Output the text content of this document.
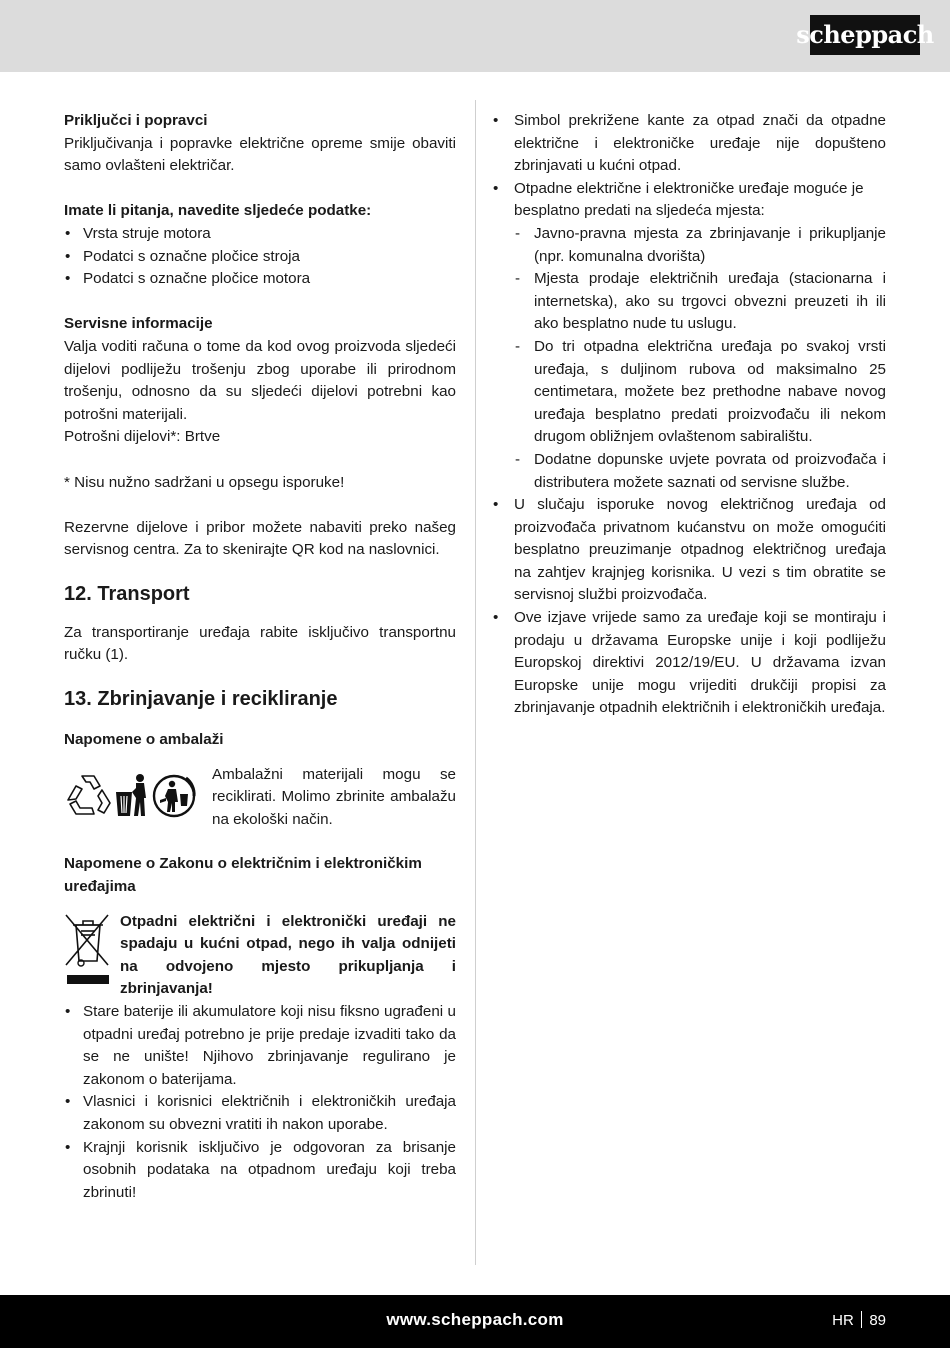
scheppach

Priključci i popravci

Priključivanja i popravke električne opreme smije obaviti samo ovlašteni električar.

Imate li pitanja, navedite sljedeće podatke:

• Vrsta struje motora
• Podatci s označne pločice stroja
• Podatci s označne pločice motora

Servisne informacije

Valja voditi računa o tome da kod ovog proizvoda sljedeći dijelovi podliježu trošenju zbog uporabe ili prirodnom trošenju, odnosno da su sljedeći dijelovi potrebni kao potrošni materijali.

Potrošni dijelovi*: Brtve

* Nisu nužno sadržani u opsegu isporuke!

Rezervne dijelove i pribor možete nabaviti preko našeg servisnog centra. Za to skenirajte QR kod na naslovnici.

12. Transport

Za transportiranje uređaja rabite isključivo transportnu ručku (1).

13. Zbrinjavanje i recikliranje

Napomene o ambalaži

Ambalažni materijali mogu se reciklirati. Molimo zbrinite ambalažu na ekološki način.

Napomene o Zakonu o električnim i elektroničkim uređajima

Otpadni električni i elektronički uređaji ne spadaju u kućni otpad, nego ih valja odnijeti na odvojeno mjesto prikupljanja i zbrinjavanja!

• Stare baterije ili akumulatore koji nisu fiksno ugrađeni u otpadni uređaj potrebno je prije predaje izvaditi tako da se ne unište! Njihovo zbrinjavanje regulirano je zakonom o baterijama.
• Vlasnici i korisnici električnih i elektroničkih uređaja zakonom su obvezni vratiti ih nakon uporabe.
• Krajnji korisnik isključivo je odgovoran za brisanje osobnih podataka na otpadnom uređaju koji treba zbrinuti!
• Simbol prekrižene kante za otpad znači da otpadne električne i elektroničke uređaje nije dopušteno zbrinjavati u kućni otpad.
• Otpadne električne i elektroničke uređaje moguće je besplatno predati na sljedeća mjesta:
- Javno-pravna mjesta za zbrinjavanje i prikupljanje (npr. komunalna dvorišta)
- Mjesta prodaje električnih uređaja (stacionarna i internetska), ako su trgovci obvezni preuzeti ih ili ako besplatno nude tu uslugu.
- Do tri otpadna električna uređaja po svakoj vrsti uređaja, s duljinom rubova od maksimalno 25 centimetara, možete bez prethodne nabave novog uređaja besplatno predati proizvođaču ili nekom drugom obližnjem ovlaštenom sabiralištu.
- Dodatne dopunske uvjete povrata od proizvođača i distributera možete saznati od servisne službe.
• U slučaju isporuke novog električnog uređaja od proizvođača privatnom kućanstvu on može omogućiti besplatno preuzimanje otpadnog električnog uređaja na zahtjev krajnjeg korisnika. U vezi s tim obratite se servisnoj službi proizvođača.
• Ove izjave vrijede samo za uređaje koji se montiraju i prodaju u državama Europske unije i koji podliježu Europskoj direktivi 2012/19/EU. U državama izvan Europske unije mogu vrijediti drukčiji propisi za zbrinjavanje otpadnih električnih i elektroničkih uređaja.
www.scheppach.com	HR 89
